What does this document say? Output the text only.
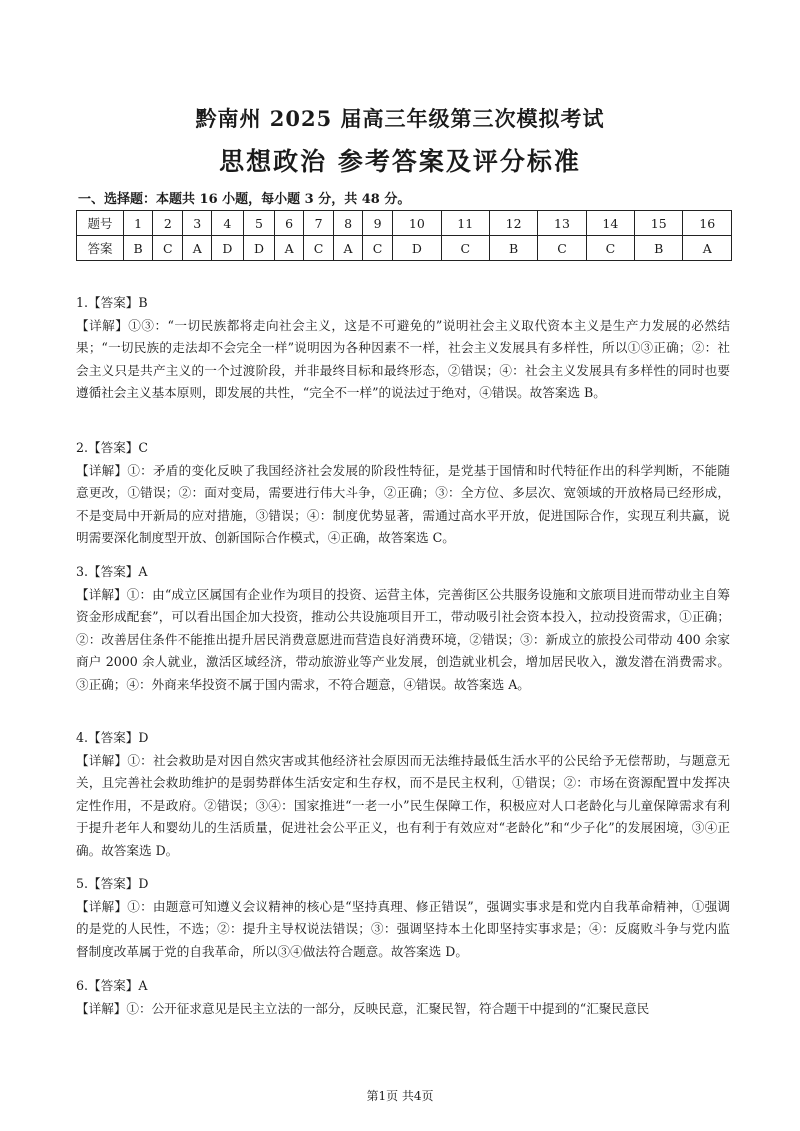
黔南州 2025 届高三年级第三次模拟考试
思想政治 参考答案及评分标准
一、选择题：本题共 16 小题，每小题 3 分，共 48 分。
题号	1	2	3	4	5	6	7	8	9	10	11	12	13	14	15	16
答案	B	C	A	D	D	A	C	A	C	D	C	B	C	C	B	A
1.【答案】B
【详解】①③：“一切民族都将走向社会主义，这是不可避免的”说明社会主义取代资本主义是生产力发展的必然结果；“一切民族的走法却不会完全一样”说明因为各种因素不一样，社会主义发展具有多样性，所以①③正确；②：社会主义只是共产主义的一个过渡阶段，并非最终目标和最终形态，②错误；④：社会主义发展具有多样性的同时也要遵循社会主义基本原则，即发展的共性，“完全不一样”的说法过于绝对，④错误。故答案选 B。
2.【答案】C
【详解】①：矛盾的变化反映了我国经济社会发展的阶段性特征，是党基于国情和时代特征作出的科学判断，不能随意更改，①错误；②：面对变局，需要进行伟大斗争，②正确；③：全方位、多层次、宽领域的开放格局已经形成，不是变局中开新局的应对措施，③错误；④：制度优势显著，需通过高水平开放，促进国际合作，实现互利共赢，说明需要深化制度型开放、创新国际合作模式，④正确，故答案选 C。
3.【答案】A
【详解】①：由“成立区属国有企业作为项目的投资、运营主体，完善街区公共服务设施和文旅项目进而带动业主自筹资金形成配套”，可以看出国企加大投资，推动公共设施项目开工，带动吸引社会资本投入，拉动投资需求，①正确；②：改善居住条件不能推出提升居民消费意愿进而营造良好消费环境，②错误；③：新成立的旅投公司带动 400 余家商户 2000 余人就业，激活区域经济，带动旅游业等产业发展，创造就业机会，增加居民收入，激发潜在消费需求。③正确；④：外商来华投资不属于国内需求，不符合题意，④错误。故答案选 A。
4.【答案】D
【详解】①：社会救助是对因自然灾害或其他经济社会原因而无法维持最低生活水平的公民给予无偿帮助，与题意无关，且完善社会救助维护的是弱势群体生活安定和生存权，而不是民主权利，①错误；②：市场在资源配置中发挥决定性作用，不是政府。②错误；③④：国家推进“一老一小”民生保障工作，积极应对人口老龄化与儿童保障需求有利于提升老年人和婴幼儿的生活质量，促进社会公平正义，也有利于有效应对“老龄化”和“少子化”的发展困境，③④正确。故答案选 D。
5.【答案】D
【详解】①：由题意可知遵义会议精神的核心是“坚持真理、修正错误”，强调实事求是和党内自我革命精神，①强调的是党的人民性，不选；②：提升主导权说法错误；③：强调坚持本土化即坚持实事求是；④：反腐败斗争与党内监督制度改革属于党的自我革命，所以③④做法符合题意。故答案选 D。
6.【答案】A
【详解】①：公开征求意见是民主立法的一部分，反映民意，汇聚民智，符合题干中提到的“汇聚民意民
第1页 共4页
